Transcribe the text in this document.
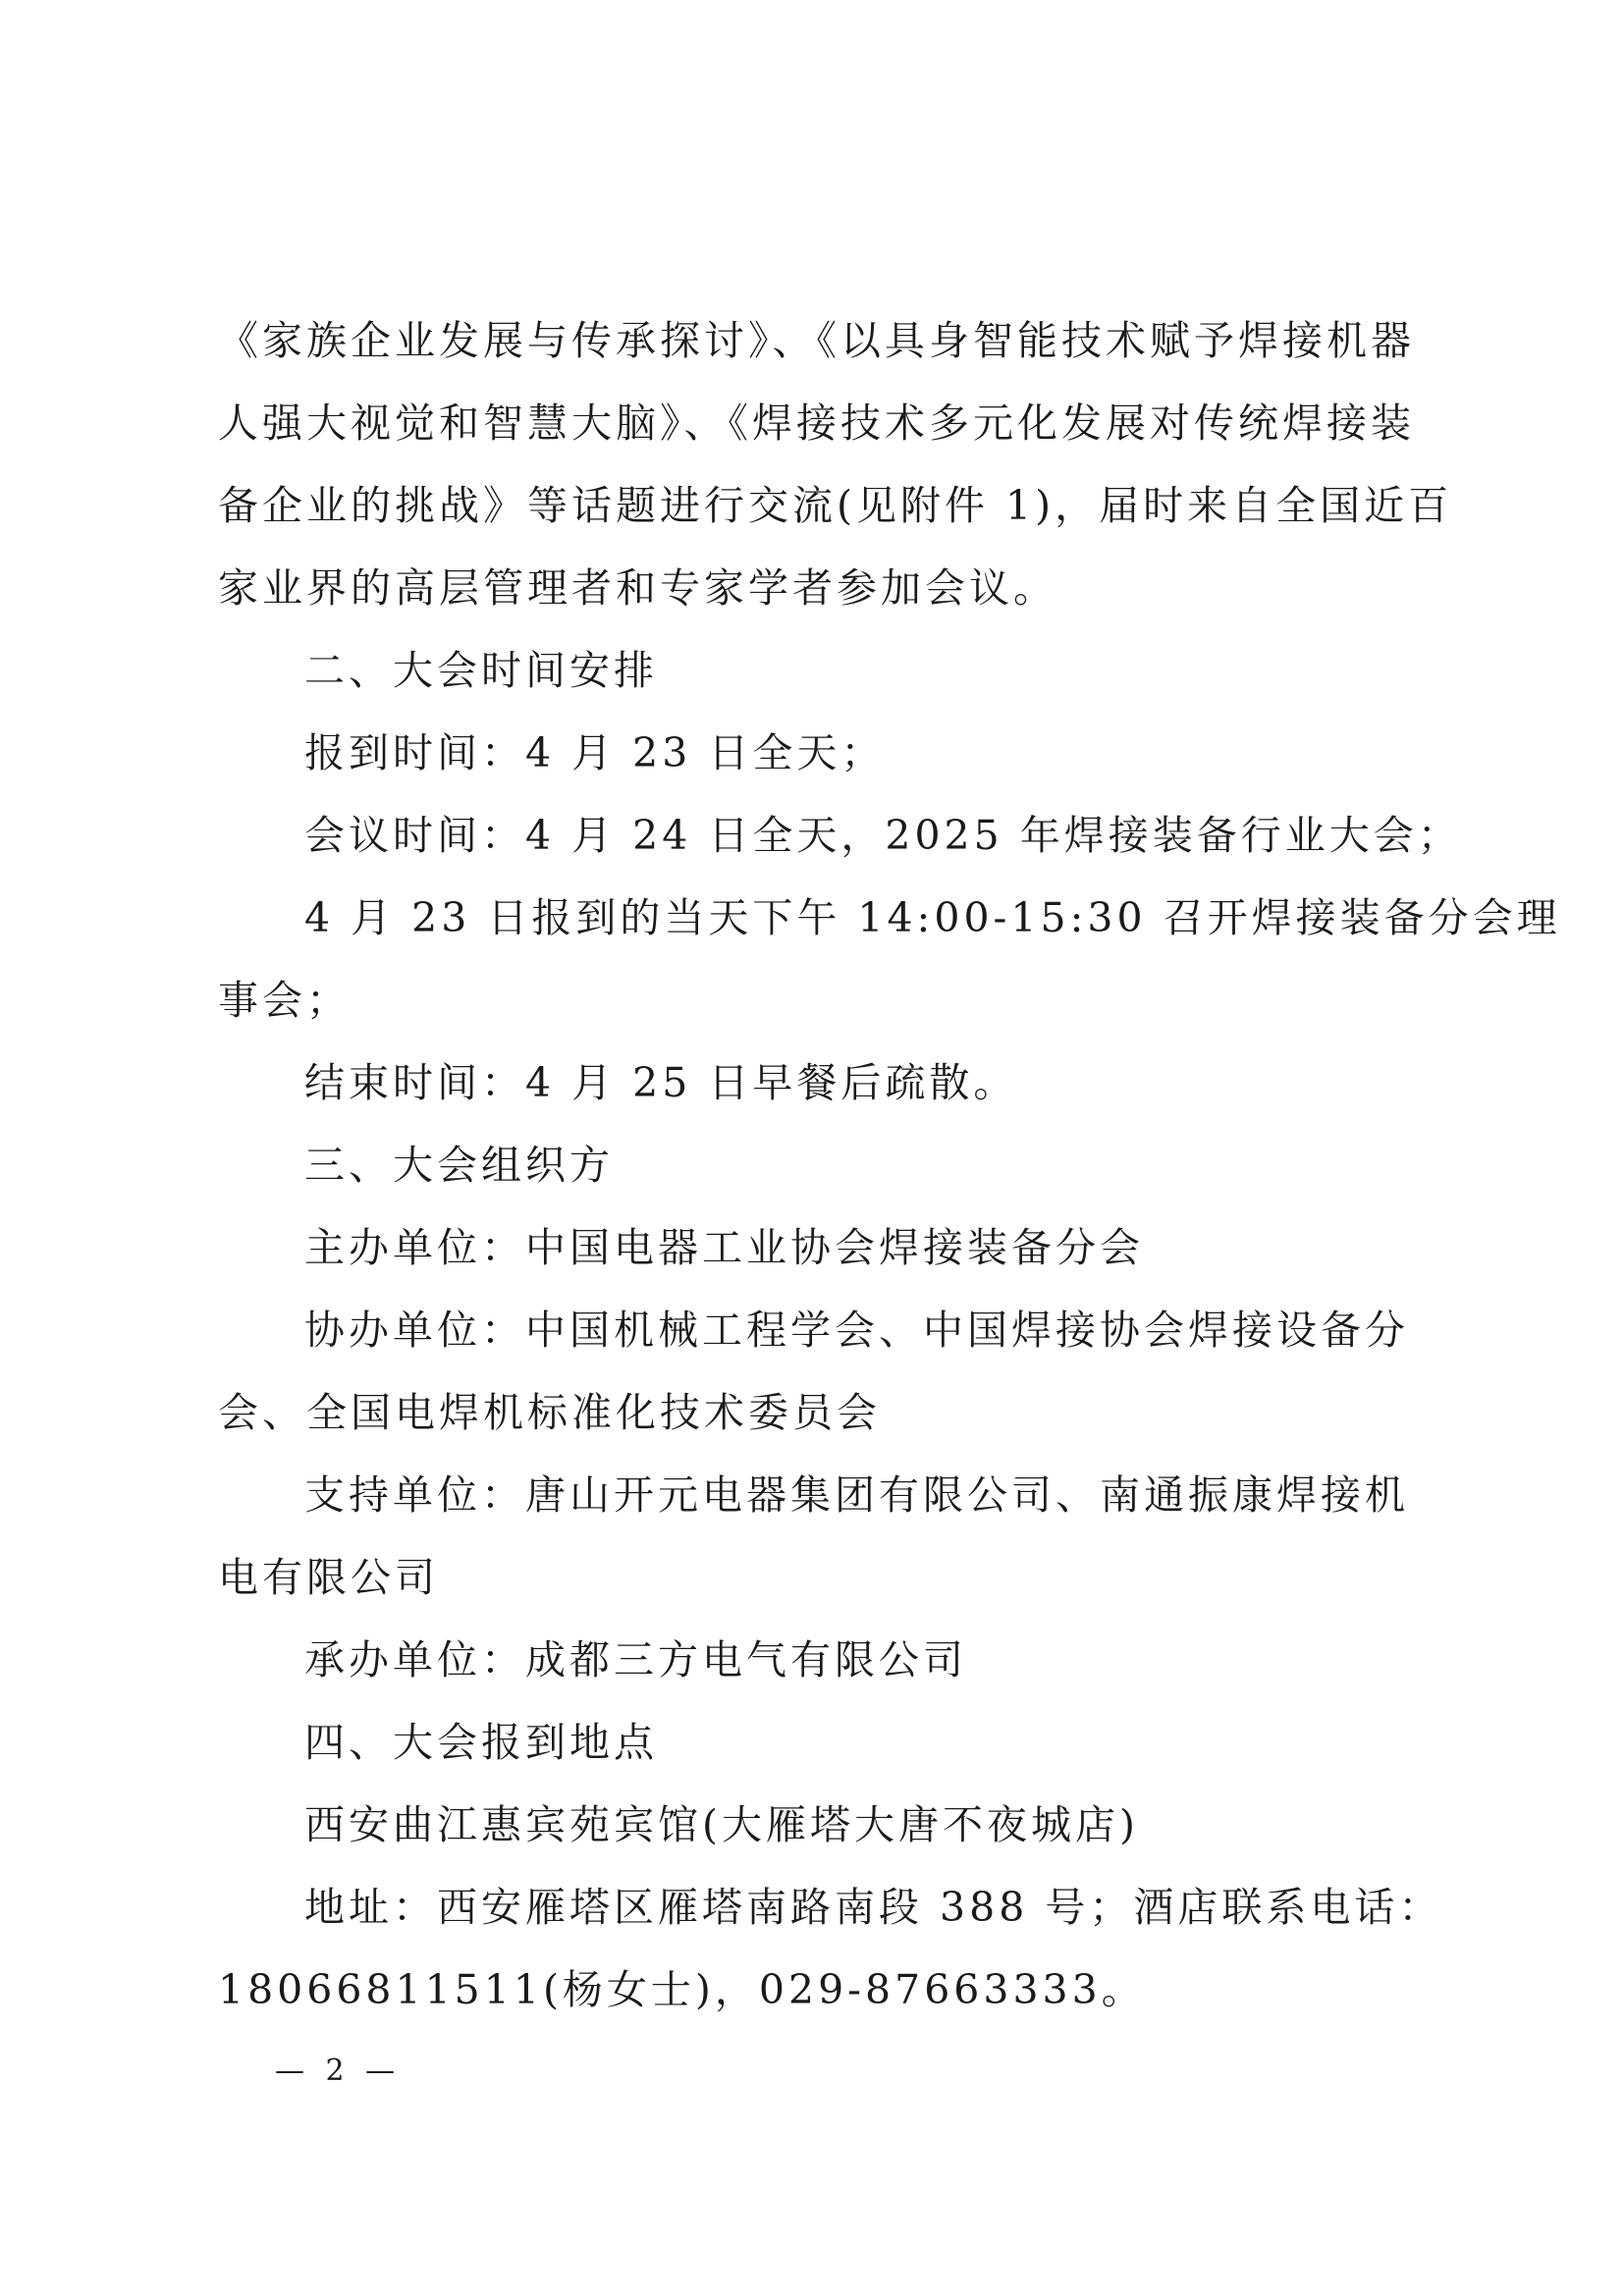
《家族企业发展与传承探讨》、《以具身智能技术赋予焊接机器
人强大视觉和智慧大脑》、《焊接技术多元化发展对传统焊接装
备企业的挑战》等话题进行交流(见附件 1)，届时来自全国近百
家业界的高层管理者和专家学者参加会议。
二、大会时间安排
报到时间：4 月 23 日全天；
会议时间：4 月 24 日全天，2025 年焊接装备行业大会；
4 月 23 日报到的当天下午 14:00-15:30 召开焊接装备分会理
事会；
结束时间：4 月 25 日早餐后疏散。
三、大会组织方
主办单位：中国电器工业协会焊接装备分会
协办单位：中国机械工程学会、中国焊接协会焊接设备分
会、全国电焊机标准化技术委员会
支持单位：唐山开元电器集团有限公司、南通振康焊接机
电有限公司
承办单位：成都三方电气有限公司
四、大会报到地点
西安曲江惠宾苑宾馆(大雁塔大唐不夜城店)
地址：西安雁塔区雁塔南路南段 388 号；酒店联系电话：
18066811511(杨女士)，029-87663333。
— 2 —
